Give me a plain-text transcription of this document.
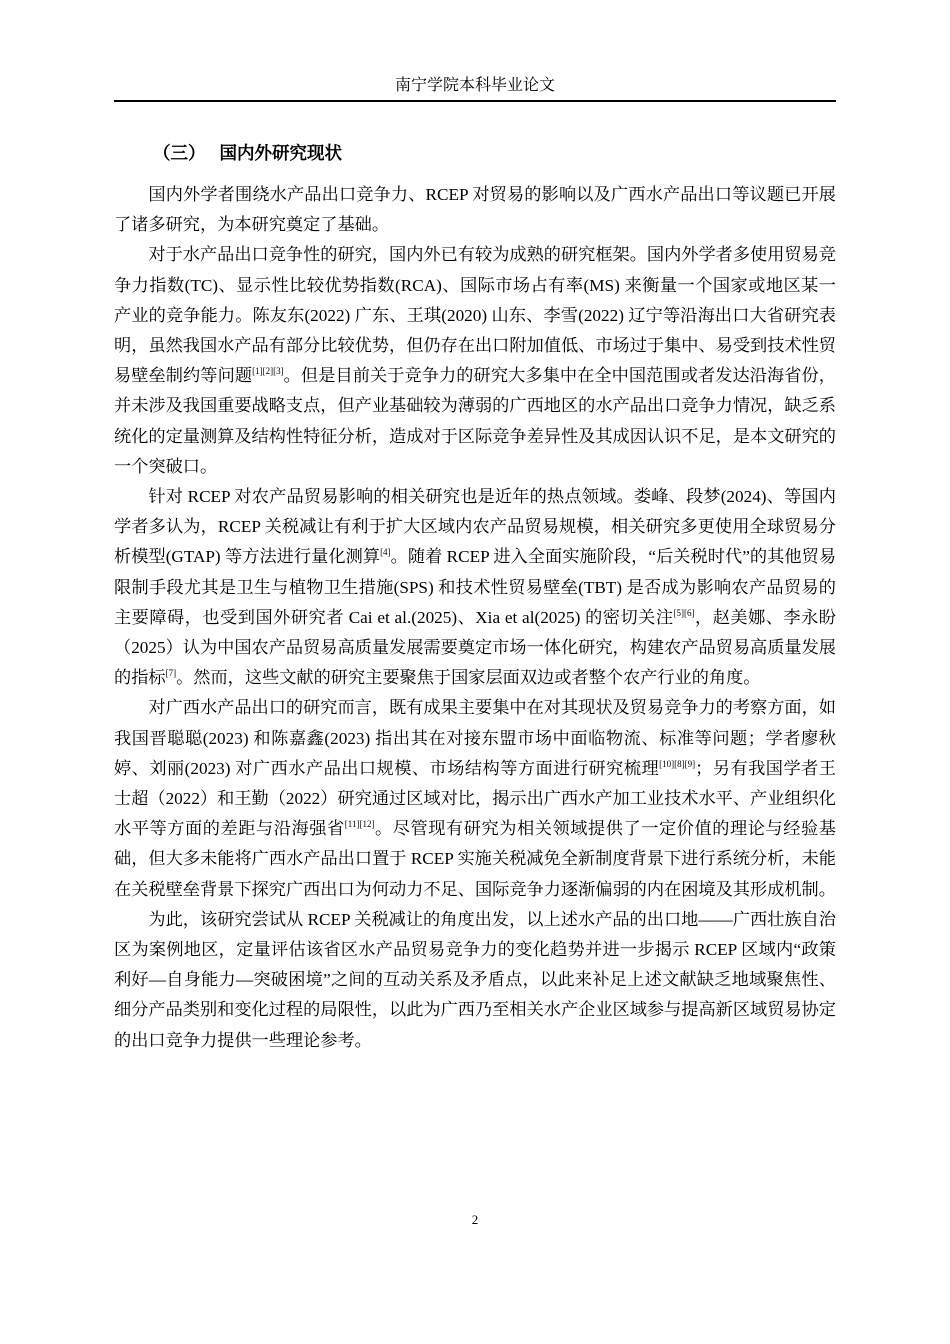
南宁学院本科毕业论文
（三） 国内外研究现状

国内外学者围绕水产品出口竞争力、RCEP 对贸易的影响以及广西水产品出口等议题已开展了诸多研究，为本研究奠定了基础。

对于水产品出口竞争性的研究，国内外已有较为成熟的研究框架。国内外学者多使用贸易竞争力指数(TC)、显示性比较优势指数(RCA)、国际市场占有率(MS) 来衡量一个国家或地区某一产业的竞争能力。陈友东(2022) 广东、王琪(2020) 山东、李雪(2022) 辽宁等沿海出口大省研究表明，虽然我国水产品有部分比较优势，但仍存在出口附加值低、市场过于集中、易受到技术性贸易壁垒制约等问题[1][2][3]。但是目前关于竞争力的研究大多集中在全中国范围或者发达沿海省份，并未涉及我国重要战略支点，但产业基础较为薄弱的广西地区的水产品出口竞争力情况，缺乏系统化的定量测算及结构性特征分析，造成对于区际竞争差异性及其成因认识不足，是本文研究的一个突破口。

针对 RCEP 对农产品贸易影响的相关研究也是近年的热点领域。娄峰、段梦(2024)、等国内学者多认为，RCEP 关税减让有利于扩大区域内农产品贸易规模，相关研究多更使用全球贸易分析模型(GTAP) 等方法进行量化测算[4]。随着 RCEP 进入全面实施阶段，“后关税时代”的其他贸易限制手段尤其是卫生与植物卫生措施(SPS) 和技术性贸易壁垒(TBT) 是否成为影响农产品贸易的主要障碍，也受到国外研究者 Cai et al.(2025)、Xia et al(2025) 的密切关注[5][6]，赵美娜、李永盼（2025）认为中国农产品贸易高质量发展需要奠定市场一体化研究，构建农产品贸易高质量发展的指标[7]。然而，这些文献的研究主要聚焦于国家层面双边或者整个农产行业的角度。

对广西水产品出口的研究而言，既有成果主要集中在对其现状及贸易竞争力的考察方面，如我国晋聪聪(2023) 和陈嘉鑫(2023) 指出其在对接东盟市场中面临物流、标准等问题；学者廖秋婷、刘丽(2023) 对广西水产品出口规模、市场结构等方面进行研究梳理[10][8][9]；另有我国学者王士超（2022）和王勤（2022）研究通过区域对比，揭示出广西水产加工业技术水平、产业组织化水平等方面的差距与沿海强省[11][12]。尽管现有研究为相关领域提供了一定价值的理论与经验基础，但大多未能将广西水产品出口置于 RCEP 实施关税减免全新制度背景下进行系统分析，未能在关税壁垒背景下探究广西出口为何动力不足、国际竞争力逐渐偏弱的内在困境及其形成机制。

为此，该研究尝试从 RCEP 关税减让的角度出发，以上述水产品的出口地——广西壮族自治区为案例地区，定量评估该省区水产品贸易竞争力的变化趋势并进一步揭示 RCEP 区域内“政策利好—自身能力—突破困境”之间的互动关系及矛盾点，以此来补足上述文献缺乏地域聚焦性、细分产品类别和变化过程的局限性，以此为广西乃至相关水产企业区域参与提高新区域贸易协定的出口竞争力提供一些理论参考。

2
